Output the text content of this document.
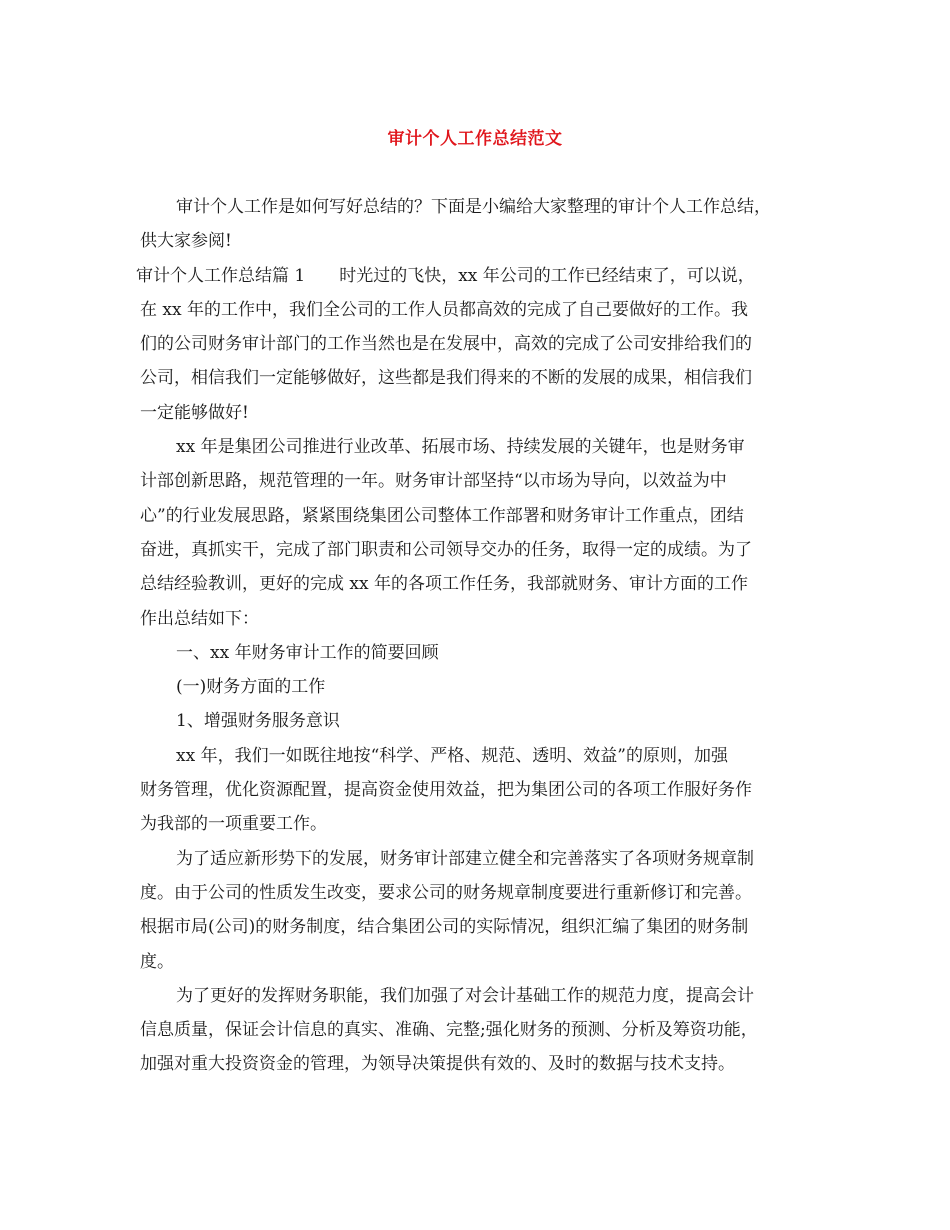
审计个人工作总结范文
审计个人工作是如何写好总结的？下面是小编给大家整理的审计个人工作总结，
供大家参阅!
审计个人工作总结篇 1　　时光过的飞快，xx 年公司的工作已经结束了，可以说，
在 xx 年的工作中，我们全公司的工作人员都高效的完成了自己要做好的工作。我
们的公司财务审计部门的工作当然也是在发展中，高效的完成了公司安排给我们的
公司，相信我们一定能够做好，这些都是我们得来的不断的发展的成果，相信我们
一定能够做好!
xx 年是集团公司推进行业改革、拓展市场、持续发展的关键年，也是财务审
计部创新思路，规范管理的一年。财务审计部坚持“以市场为导向，以效益为中
心”的行业发展思路，紧紧围绕集团公司整体工作部署和财务审计工作重点，团结
奋进，真抓实干，完成了部门职责和公司领导交办的任务，取得一定的成绩。为了
总结经验教训，更好的完成 xx 年的各项工作任务，我部就财务、审计方面的工作
作出总结如下：
一、xx 年财务审计工作的简要回顾
(一)财务方面的工作
1、增强财务服务意识
xx 年，我们一如既往地按“科学、严格、规范、透明、效益”的原则，加强
财务管理，优化资源配置，提高资金使用效益，把为集团公司的各项工作服好务作
为我部的一项重要工作。
为了适应新形势下的发展，财务审计部建立健全和完善落实了各项财务规章制
度。由于公司的性质发生改变，要求公司的财务规章制度要进行重新修订和完善。
根据市局(公司)的财务制度，结合集团公司的实际情况，组织汇编了集团的财务制
度。
为了更好的发挥财务职能，我们加强了对会计基础工作的规范力度，提高会计
信息质量，保证会计信息的真实、准确、完整;强化财务的预测、分析及筹资功能，
加强对重大投资资金的管理，为领导决策提供有效的、及时的数据与技术支持。
